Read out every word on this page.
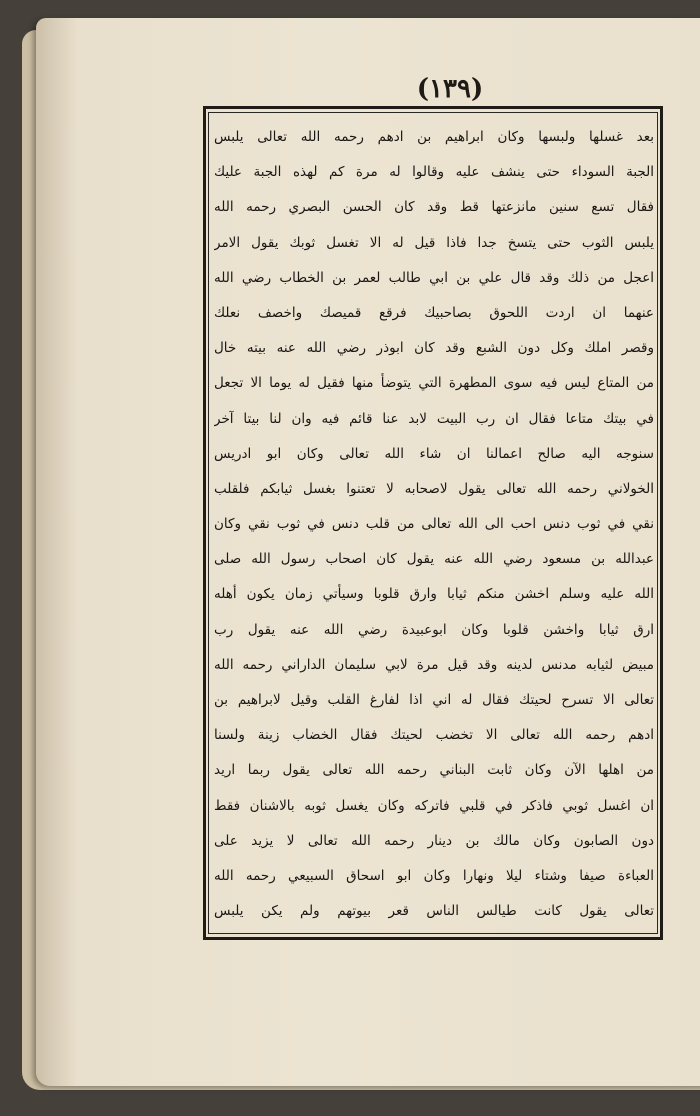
(١٣٩)
بعد غسلها ولبسها وكان ابراهيم بن ادهم رحمه الله تعالى يلبس
الجبة السوداء حتى ينشف عليه وقالوا له مرة كم لهذه الجبة عليك
فقال تسع سنين مانزعتها قط وقد كان الحسن البصري رحمه الله
يلبس الثوب حتى يتسخ جدا فاذا قيل له الا تغسل ثوبك يقول الامر
اعجل من ذلك وقد قال علي بن ابي طالب لعمر بن الخطاب رضي الله
عنهما ان اردت اللحوق بصاحبيك فرقع قميصك واخصف نعلك
وقصر املك وكل دون الشبع وقد كان ابوذر رضي الله عنه بيته خال
من المتاع ليس فيه سوى المطهرة التي يتوضأ منها فقيل له يوما الا تجعل
في بيتك متاعا فقال ان رب البيت لابد عنا قائم فيه وان لنا بيتا آخر
سنوجه اليه صالح اعمالنا ان شاء الله تعالى وكان ابو ادريس
الخولاني رحمه الله تعالى يقول لاصحابه لا تعتنوا بغسل ثيابكم فلقلب
نقي في ثوب دنس احب الى الله تعالى من قلب دنس في ثوب نقي وكان
عبدالله بن مسعود رضي الله عنه يقول كان اصحاب رسول الله صلى
الله عليه وسلم اخشن منكم ثيابا وارق قلوبا وسيأتي زمان يكون أهله
ارق ثيابا واخشن قلوبا وكان ابوعبيدة رضي الله عنه يقول رب
مبيض لثيابه مدنس لدينه وقد قيل مرة لابي سليمان الداراني رحمه الله
تعالى الا تسرح لحيتك فقال له اني اذا لفارغ القلب وقيل لابراهيم بن
ادهم رحمه الله تعالى الا تخضب لحيتك فقال الخضاب زينة ولسنا
من اهلها الآن وكان ثابت البناني رحمه الله تعالى يقول ربما اريد
ان اغسل ثوبي فاذكر في قلبي فاتركه وكان يغسل ثوبه بالاشنان فقط
دون الصابون وكان مالك بن دينار رحمه الله تعالى لا يزيد على
العباءة صيفا وشتاء ليلا ونهارا وكان ابو اسحاق السبيعي رحمه الله
تعالى يقول كانت طيالس الناس قعر بيوتهم ولم يكن يلبس
